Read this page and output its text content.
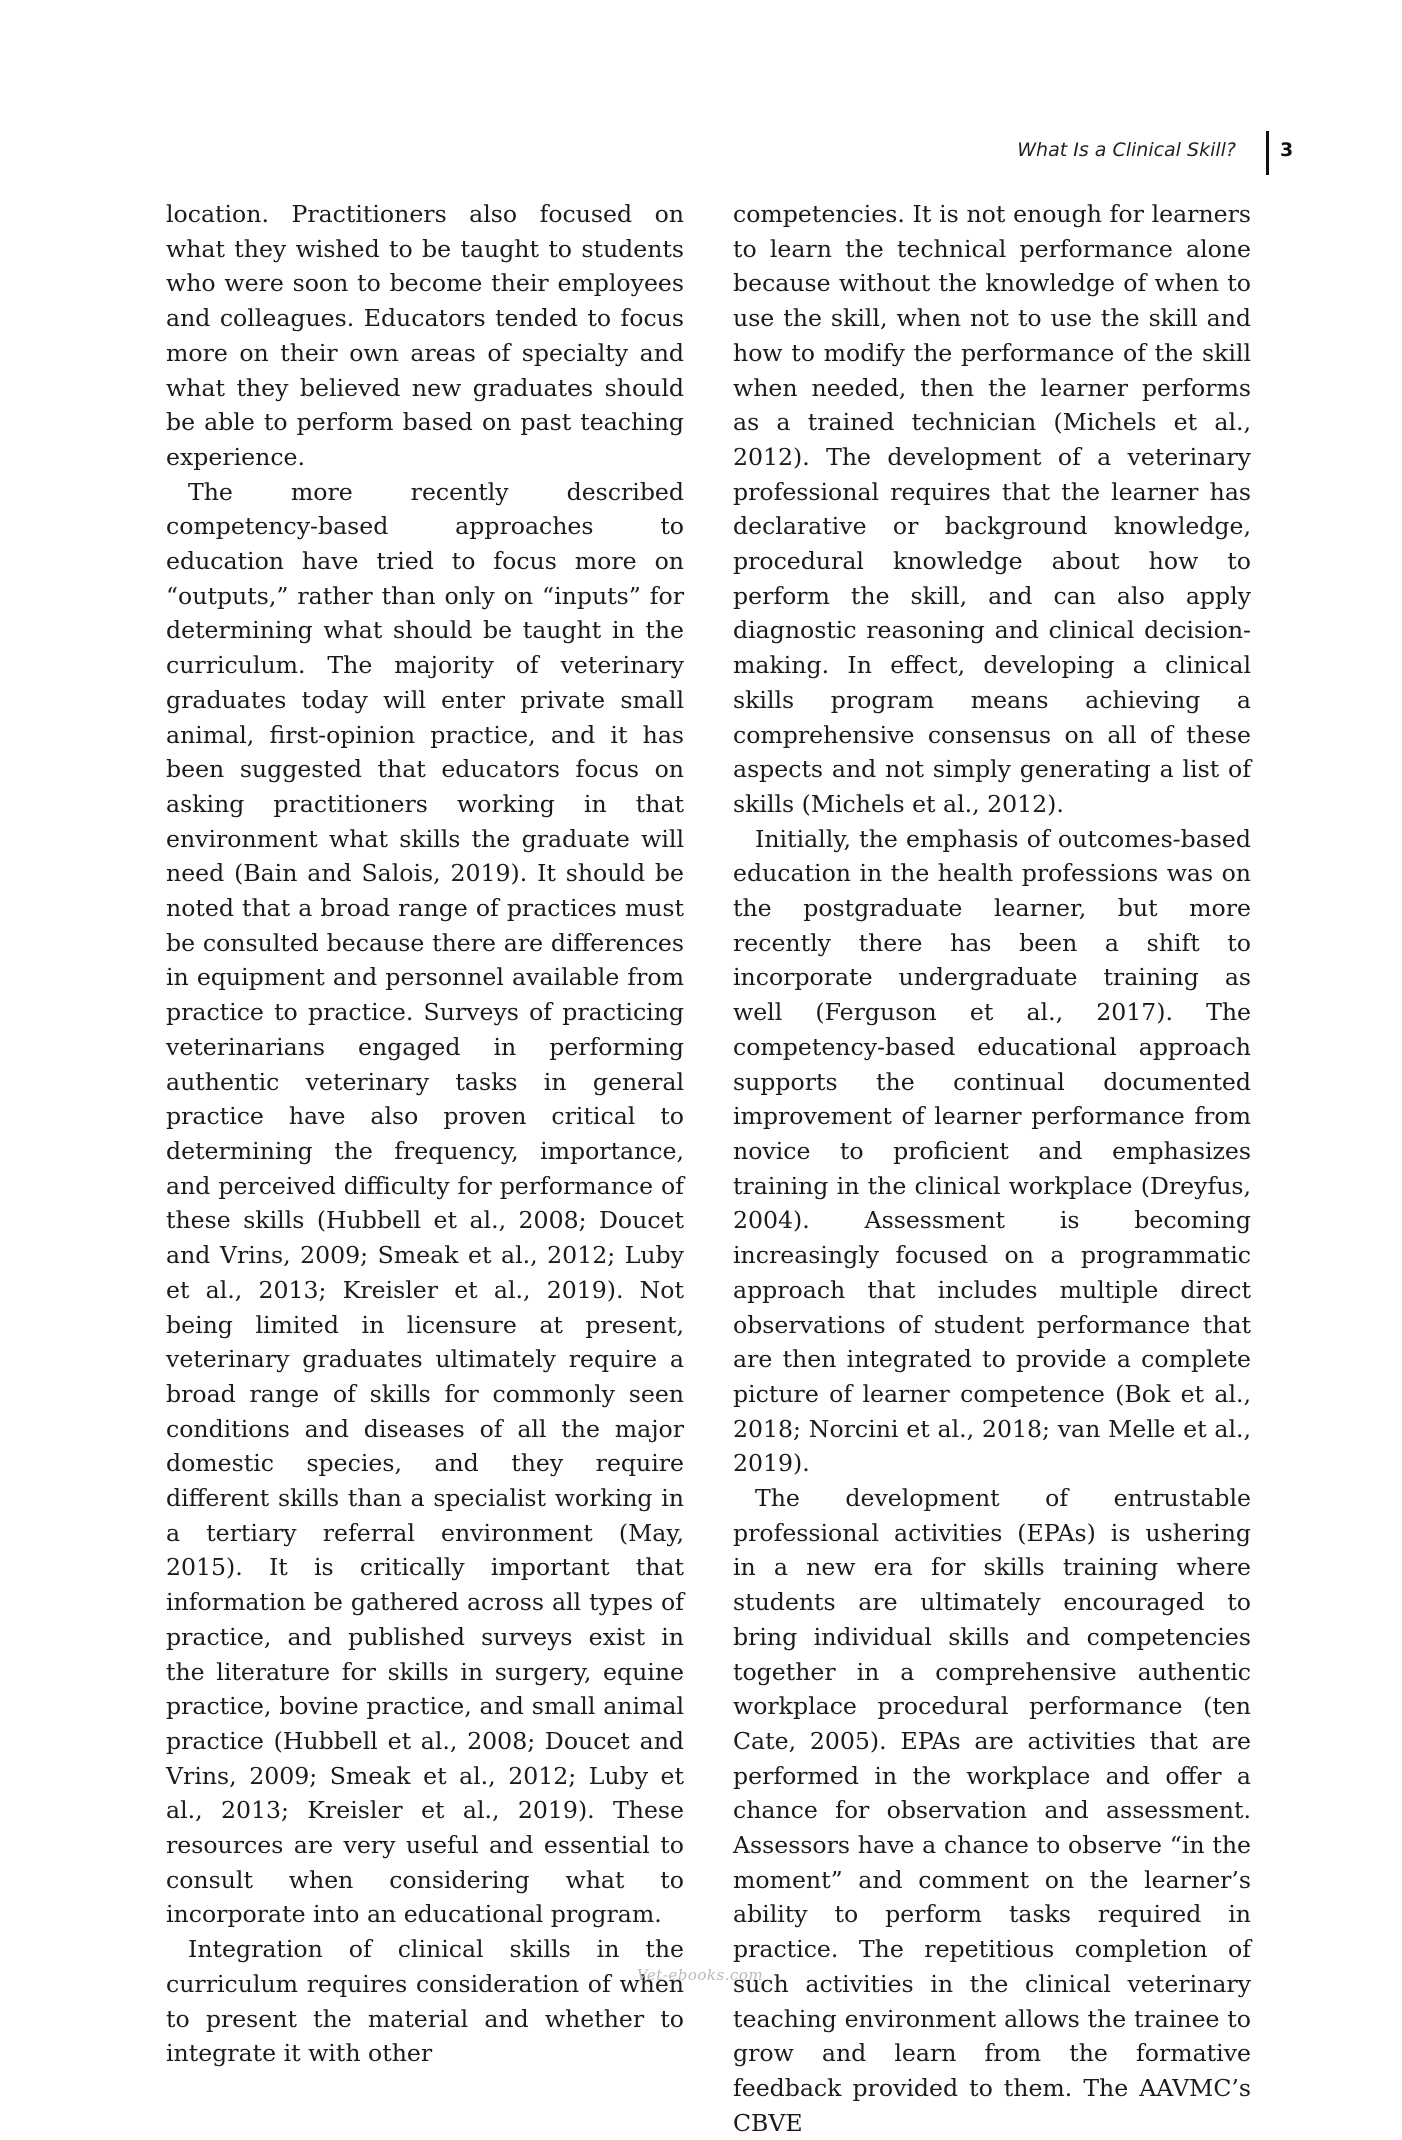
What Is a Clinical Skill?	3

location. Practitioners also focused on what they wished to be taught to students who were soon to become their employees and colleagues. Educators tended to focus more on their own areas of specialty and what they believed new graduates should be able to perform based on past teaching experience.

The more recently described competency-based approaches to education have tried to focus more on “outputs,” rather than only on “inputs” for determining what should be taught in the curriculum. The majority of veterinary graduates today will enter private small animal, first-opinion practice, and it has been suggested that educators focus on asking practitioners working in that environment what skills the graduate will need (Bain and Salois, 2019). It should be noted that a broad range of practices must be consulted because there are differences in equipment and personnel available from practice to practice. Surveys of practicing veterinarians engaged in performing authentic veterinary tasks in general practice have also proven critical to determining the frequency, importance, and perceived difficulty for performance of these skills (Hubbell et al., 2008; Doucet and Vrins, 2009; Smeak et al., 2012; Luby et al., 2013; Kreisler et al., 2019). Not being limited in licensure at present, veterinary graduates ultimately require a broad range of skills for commonly seen conditions and diseases of all the major domestic species, and they require different skills than a specialist working in a tertiary referral environment (May, 2015). It is critically important that information be gathered across all types of practice, and published surveys exist in the literature for skills in surgery, equine practice, bovine practice, and small animal practice (Hubbell et al., 2008; Doucet and Vrins, 2009; Smeak et al., 2012; Luby et al., 2013; Kreisler et al., 2019). These resources are very useful and essential to consult when considering what to incorporate into an educational program.

Integration of clinical skills in the curriculum requires consideration of when to present the material and whether to integrate it with other

competencies. It is not enough for learners to learn the technical performance alone because without the knowledge of when to use the skill, when not to use the skill and how to modify the performance of the skill when needed, then the learner performs as a trained technician (Michels et al., 2012). The development of a veterinary professional requires that the learner has declarative or background knowledge, procedural knowledge about how to perform the skill, and can also apply diagnostic reasoning and clinical decision-making. In effect, developing a clinical skills program means achieving a comprehensive consensus on all of these aspects and not simply generating a list of skills (Michels et al., 2012).

Initially, the emphasis of outcomes-based education in the health professions was on the postgraduate learner, but more recently there has been a shift to incorporate undergraduate training as well (Ferguson et al., 2017). The competency-based educational approach supports the continual documented improvement of learner performance from novice to proficient and emphasizes training in the clinical workplace (Dreyfus, 2004). Assessment is becoming increasingly focused on a programmatic approach that includes multiple direct observations of student performance that are then integrated to provide a complete picture of learner competence (Bok et al., 2018; Norcini et al., 2018; van Melle et al., 2019).

The development of entrustable professional activities (EPAs) is ushering in a new era for skills training where students are ultimately encouraged to bring individual skills and competencies together in a comprehensive authentic workplace procedural performance (ten Cate, 2005). EPAs are activities that are performed in the workplace and offer a chance for observation and assessment. Assessors have a chance to observe “in the moment” and comment on the learner’s ability to perform tasks required in practice. The repetitious completion of such activities in the clinical veterinary teaching environment allows the trainee to grow and learn from the formative feedback provided to them. The AAVMC’s CBVE

Vet-ebooks.com
